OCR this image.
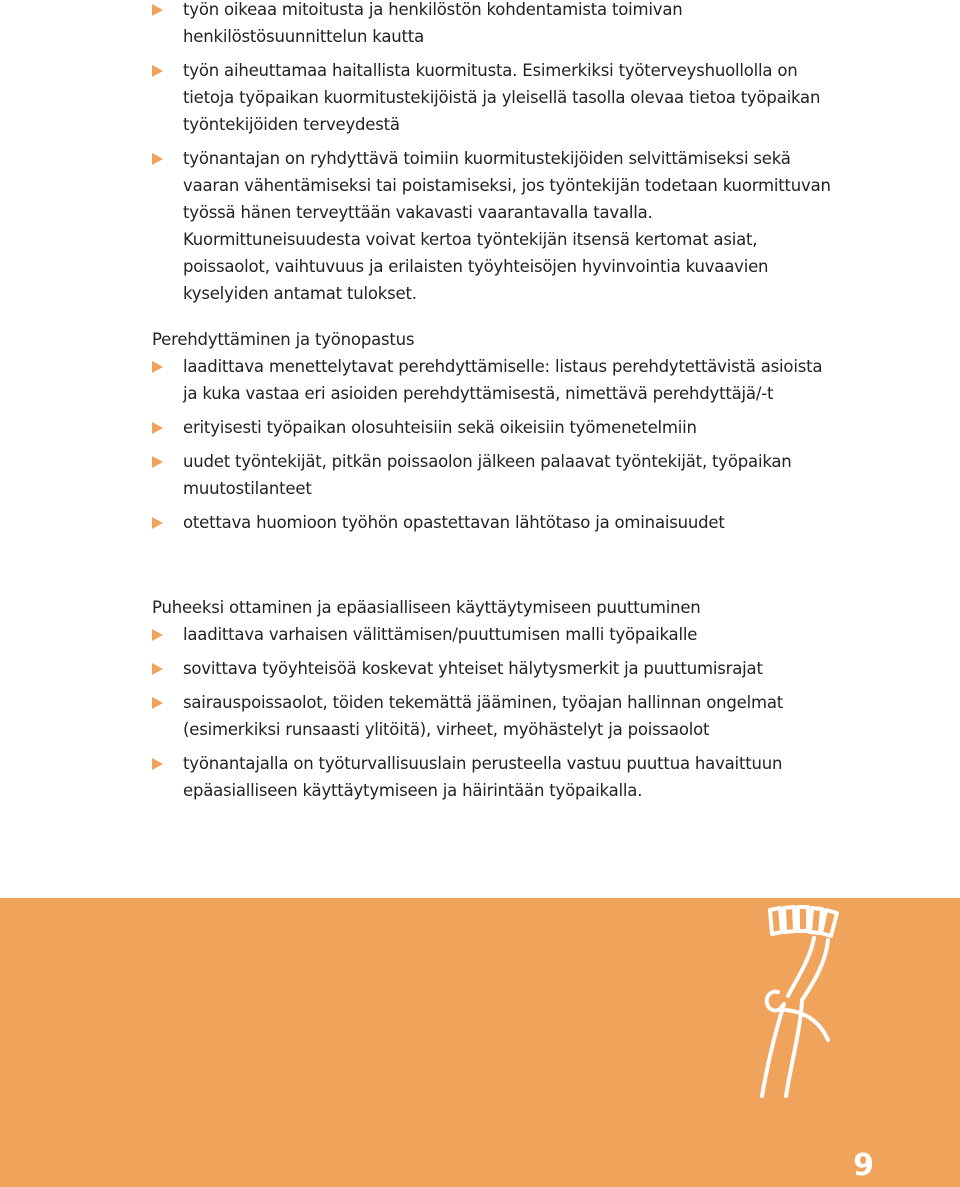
työn oikeaa mitoitusta ja henkilöstön kohdentamista toimivan henkilöstösuunnittelun kautta

työn aiheuttamaa haitallista kuormitusta. Esimerkiksi työterveyshuollolla on tietoja työpaikan kuormitustekijöistä ja yleisellä tasolla olevaa tietoa työpaikan työntekijöiden terveydestä

työnantajan on ryhdyttävä toimiin kuormitustekijöiden selvittämiseksi sekä vaaran vähentämiseksi tai poistamiseksi, jos työntekijän todetaan kuormittuvan työssä hänen terveyttään vakavasti vaarantavalla tavalla. Kuormittuneisuudesta voivat kertoa työntekijän itsensä kertomat asiat, poissaolot, vaihtuvuus ja erilaisten työyhteisöjen hyvinvointia kuvaavien kyselyiden antamat tulokset.

Perehdyttäminen ja työnopastus

laadittava menettelytavat perehdyttämiselle: listaus perehdytettävistä asioista ja kuka vastaa eri asioiden perehdyttämisestä, nimettävä perehdyttäjä/-t

erityisesti työpaikan olosuhteisiin sekä oikeisiin työmenetelmiin

uudet työntekijät, pitkän poissaolon jälkeen palaavat työntekijät, työpaikan muutostilanteet

otettava huomioon työhön opastettavan lähtötaso ja ominaisuudet

Puheeksi ottaminen ja epäasialliseen käyttäytymiseen puuttuminen

laadittava varhaisen välittämisen/puuttumisen malli työpaikalle

sovittava työyhteisöä koskevat yhteiset hälytysmerkit ja puuttumisrajat

sairauspoissaolot, töiden tekemättä jääminen, työajan hallinnan ongelmat (esimerkiksi runsaasti ylitöitä), virheet, myöhästelyt ja poissaolot

työnantajalla on työturvallisuuslain perusteella vastuu puuttua havaittuun epäasialliseen käyttäytymiseen ja häirintään työpaikalla.

9
